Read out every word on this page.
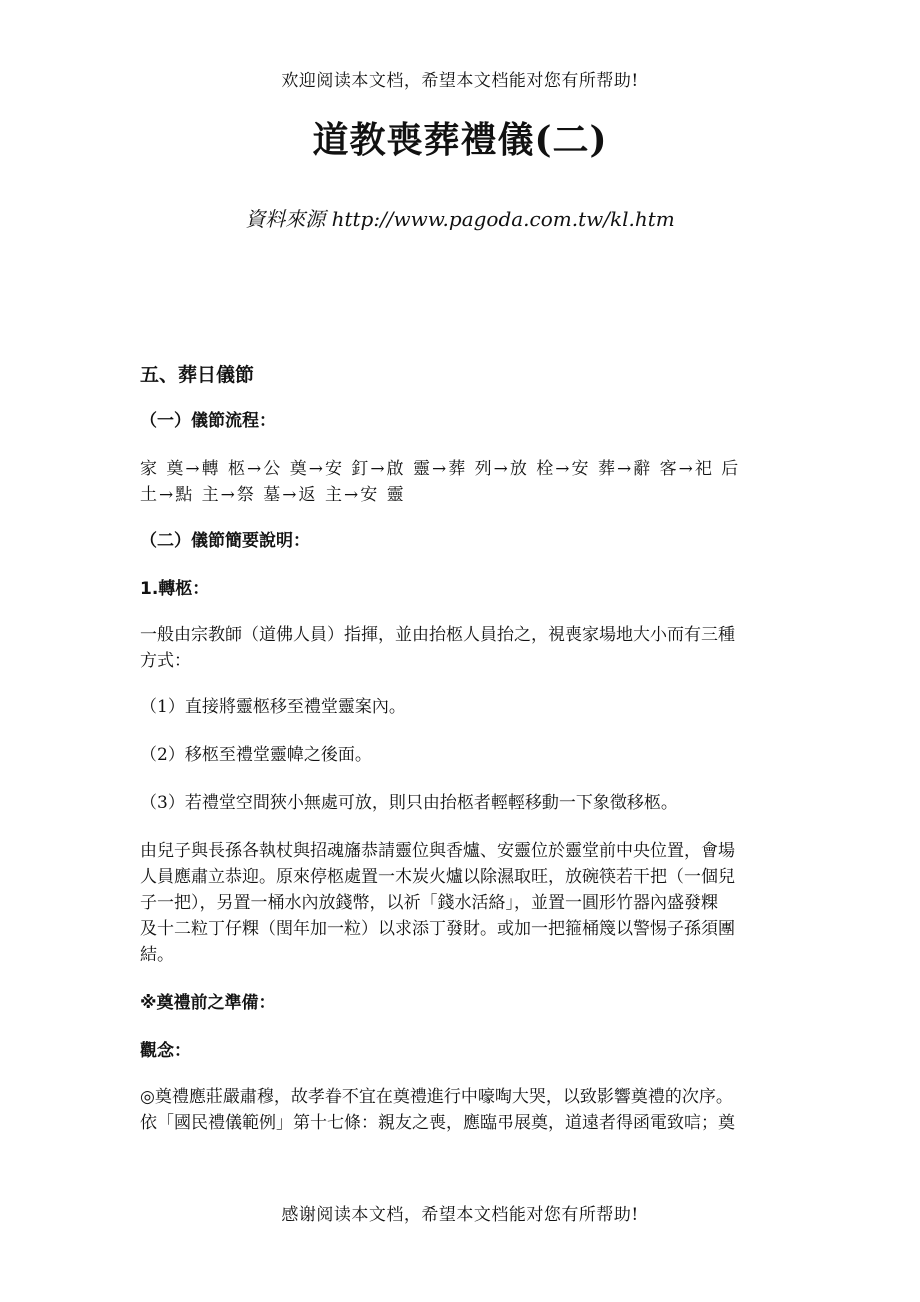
欢迎阅读本文档，希望本文档能对您有所帮助!
道教喪葬禮儀(二)
資料來源 http://www.pagoda.com.tw/kl.htm
五、葬日儀節
（一）儀節流程：
家 奠→轉 柩→公 奠→安 釘→啟 靈→葬 列→放 栓→安 葬→辭 客→祀 后
土→點 主→祭 墓→返 主→安 靈
（二）儀節簡要說明：
1.轉柩：
一般由宗教師（道佛人員）指揮，並由抬柩人員抬之，視喪家場地大小而有三種
方式：
（1）直接將靈柩移至禮堂靈案內。
（2）移柩至禮堂靈幃之後面。
（3）若禮堂空間狹小無處可放，則只由抬柩者輕輕移動一下象徵移柩。
由兒子與長孫各執杖與招魂旛恭請靈位與香爐、安靈位於靈堂前中央位置，會場
人員應肅立恭迎。原來停柩處置一木炭火爐以除濕取旺，放碗筷若干把（一個兒
子一把），另置一桶水內放錢幣，以祈「錢水活絡」，並置一圓形竹器內盛發粿
及十二粒丁仔粿（閏年加一粒）以求添丁發財。或加一把箍桶篾以警惕子孫須團
結。
※奠禮前之準備：
觀念：
◎奠禮應莊嚴肅穆，故孝眷不宜在奠禮進行中嚎啕大哭，以致影響奠禮的次序。
依「國民禮儀範例」第十七條：親友之喪，應臨弔展奠，道遠者得函電致唁；奠
感谢阅读本文档，希望本文档能对您有所帮助!
